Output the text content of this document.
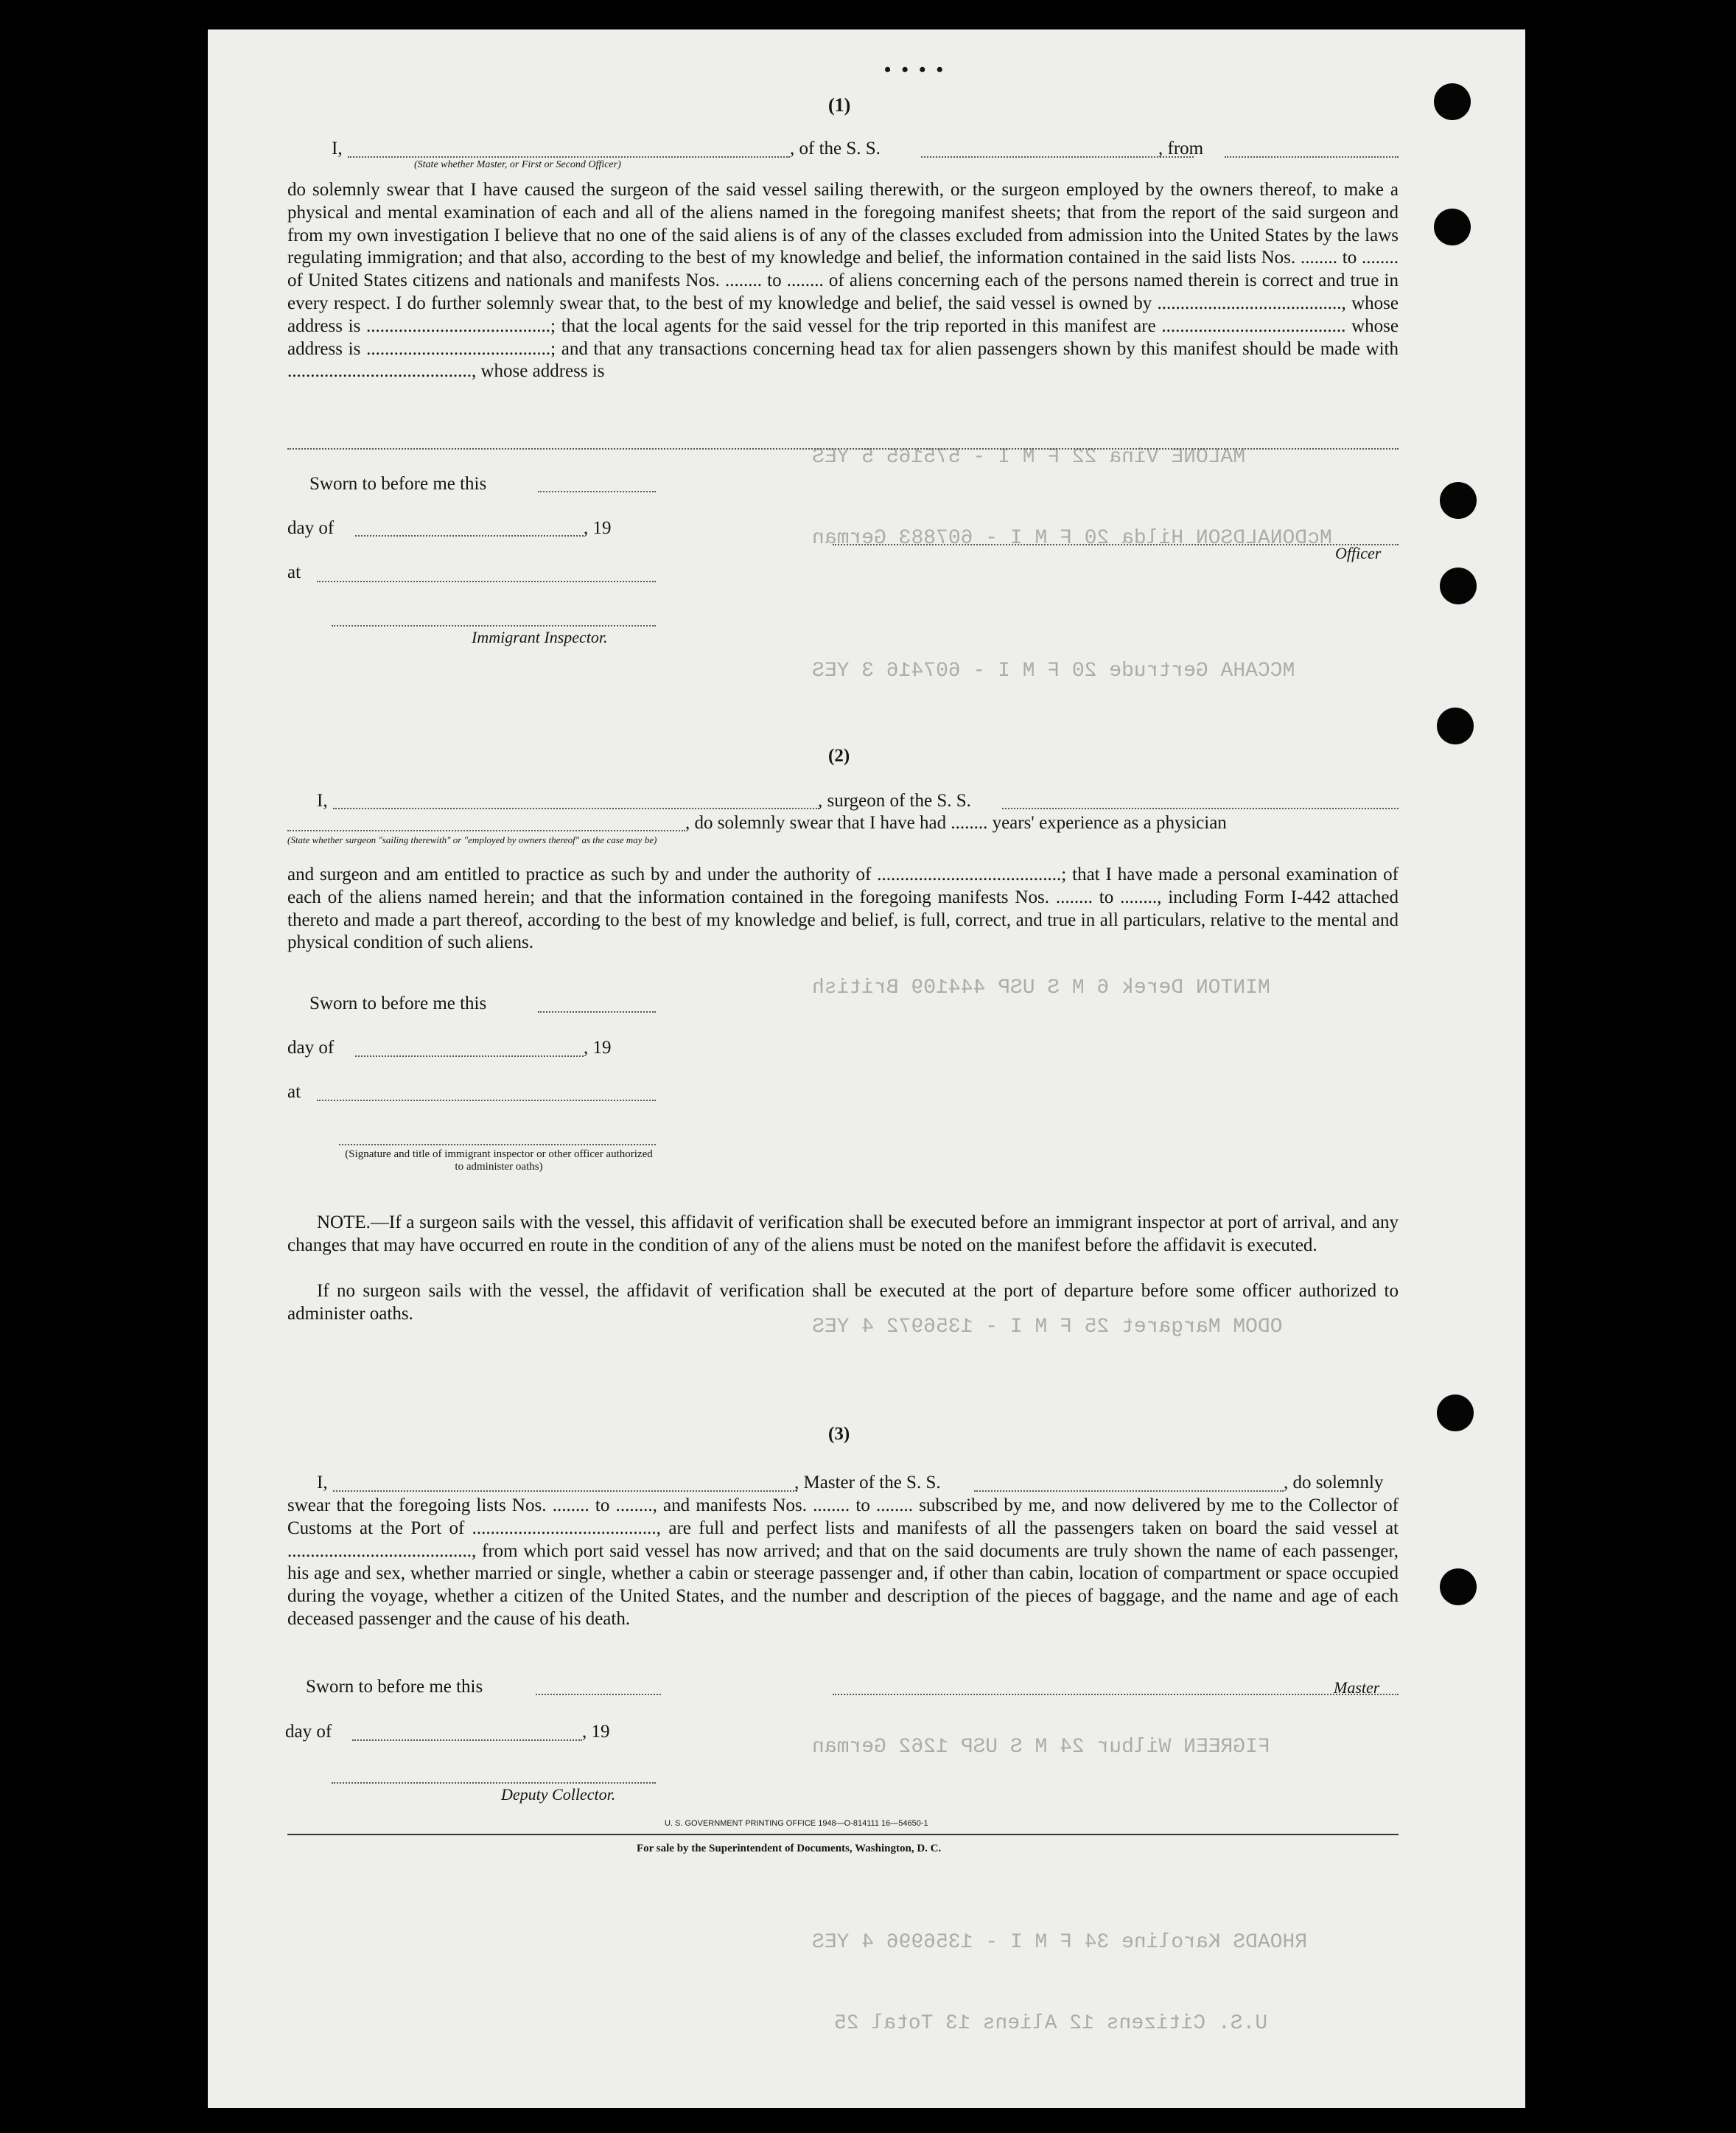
MALONE Vina 22 F M I - 575165 5 YES
McDONALDSON Hilda 20 F M I - 607883 German
MCCAHA Gertrude 20 F M I - 607416 3 YES
MINTON Derek 6 M S USP 444109 British
ODOM Margaret 25 F M I - 1356972 4 YES
FIGREEN Wilbur 24 M S USP 1262 German
RHOADS Karoline 34 F M I - 1356996 4 YES
U.S. Citizens 12 Aliens 13 Total 25
• • • •
(1)
I,	, of the S. S.	, from
(State whether Master, or First or Second Officer)
do solemnly swear that I have caused the surgeon of the said vessel sailing therewith, or the surgeon employed by the owners thereof, to make a physical and mental examination of each and all of the aliens named in the foregoing manifest sheets; that from the report of the said surgeon and from my own investigation I believe that no one of the said aliens is of any of the classes excluded from admission into the United States by the laws regulating immigration; and that also, according to the best of my knowledge and belief, the information contained in the said lists Nos. ........ to ........ of United States citizens and nationals and manifests Nos. ........ to ........ of aliens concerning each of the persons named therein is correct and true in every respect. I do further solemnly swear that, to the best of my knowledge and belief, the said vessel is owned by ........................................, whose address is ........................................; that the local agents for the said vessel for the trip reported in this manifest are ........................................ whose address is ........................................; and that any transactions concerning head tax for alien passengers shown by this manifest should be made with ........................................, whose address is
Sworn to before me this
day of	, 19
at
Immigrant Inspector.
Officer
(2)
I,	, surgeon of the S. S.
, do solemnly swear that I have had ........ years' experience as a physician
(State whether surgeon "sailing therewith" or "employed by owners thereof" as the case may be)
and surgeon and am entitled to practice as such by and under the authority of ........................................; that I have made a personal examination of each of the aliens named herein; and that the information contained in the foregoing manifests Nos. ........ to ........, including Form I-442 attached thereto and made a part thereof, according to the best of my knowledge and belief, is full, correct, and true in all particulars, relative to the mental and physical condition of such aliens.
Sworn to before me this
day of	, 19
at
(Signature and title of immigrant inspector or other officer authorized to administer oaths)
NOTE.—If a surgeon sails with the vessel, this affidavit of verification shall be executed before an immigrant inspector at port of arrival, and any changes that may have occurred en route in the condition of any of the aliens must be noted on the manifest before the affidavit is executed.
If no surgeon sails with the vessel, the affidavit of verification shall be executed at the port of departure before some officer authorized to administer oaths.
(3)
I,	, Master of the S. S.	, do solemnly
swear that the foregoing lists Nos. ........ to ........, and manifests Nos. ........ to ........ subscribed by me, and now delivered by me to the Collector of Customs at the Port of ........................................, are full and perfect lists and manifests of all the passengers taken on board the said vessel at ........................................, from which port said vessel has now arrived; and that on the said documents are truly shown the name of each passenger, his age and sex, whether married or single, whether a cabin or steerage passenger and, if other than cabin, location of compartment or space occupied during the voyage, whether a citizen of the United States, and the number and description of the pieces of baggage, and the name and age of each deceased passenger and the cause of his death.
Sworn to before me this
day of	, 19
Master
Deputy Collector.
U. S. GOVERNMENT PRINTING OFFICE 1948—O-814111 16—54650-1
For sale by the Superintendent of Documents, Washington, D. C.
